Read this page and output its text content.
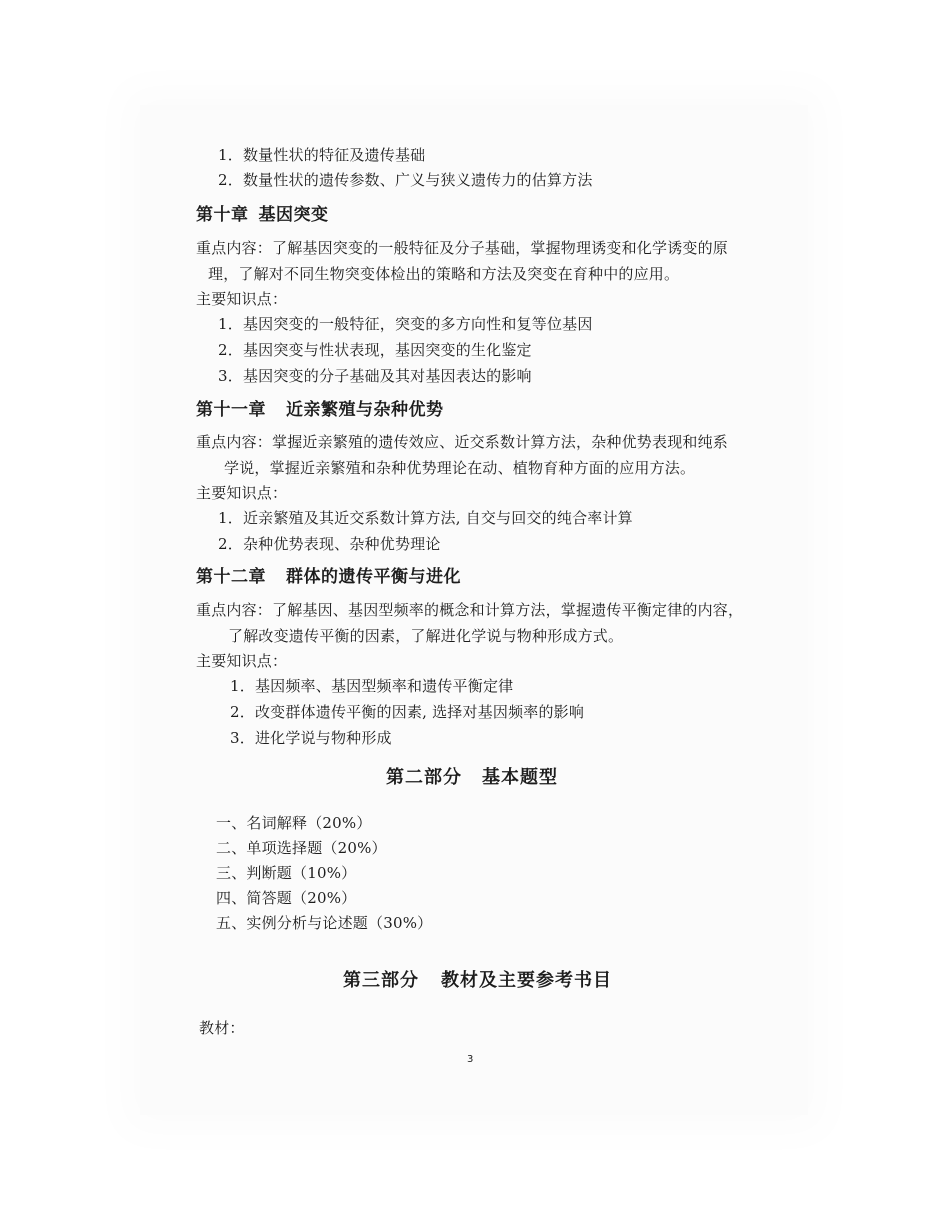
1．数量性状的特征及遗传基础
2．数量性状的遗传参数、广义与狭义遗传力的估算方法
第十章 基因突变
重点内容：了解基因突变的一般特征及分子基础，掌握物理诱变和化学诱变的原
理，了解对不同生物突变体检出的策略和方法及突变在育种中的应用。
主要知识点：
1．基因突变的一般特征，突变的多方向性和复等位基因
2．基因突变与性状表现，基因突变的生化鉴定
3．基因突变的分子基础及其对基因表达的影响
第十一章 近亲繁殖与杂种优势
重点内容：掌握近亲繁殖的遗传效应、近交系数计算方法，杂种优势表现和纯系
学说，掌握近亲繁殖和杂种优势理论在动、植物育种方面的应用方法。
主要知识点：
1．近亲繁殖及其近交系数计算方法, 自交与回交的纯合率计算
2．杂种优势表现、杂种优势理论
第十二章 群体的遗传平衡与进化
重点内容：了解基因、基因型频率的概念和计算方法，掌握遗传平衡定律的内容，
了解改变遗传平衡的因素，了解进化学说与物种形成方式。
主要知识点：
1．基因频率、基因型频率和遗传平衡定律
2．改变群体遗传平衡的因素, 选择对基因频率的影响
3．进化学说与物种形成
第二部分 基本题型
一、名词解释（20%）
二、单项选择题（20%）
三、判断题（10%）
四、简答题（20%）
五、实例分析与论述题（30%）
第三部分 教材及主要参考书目
教材：
3
